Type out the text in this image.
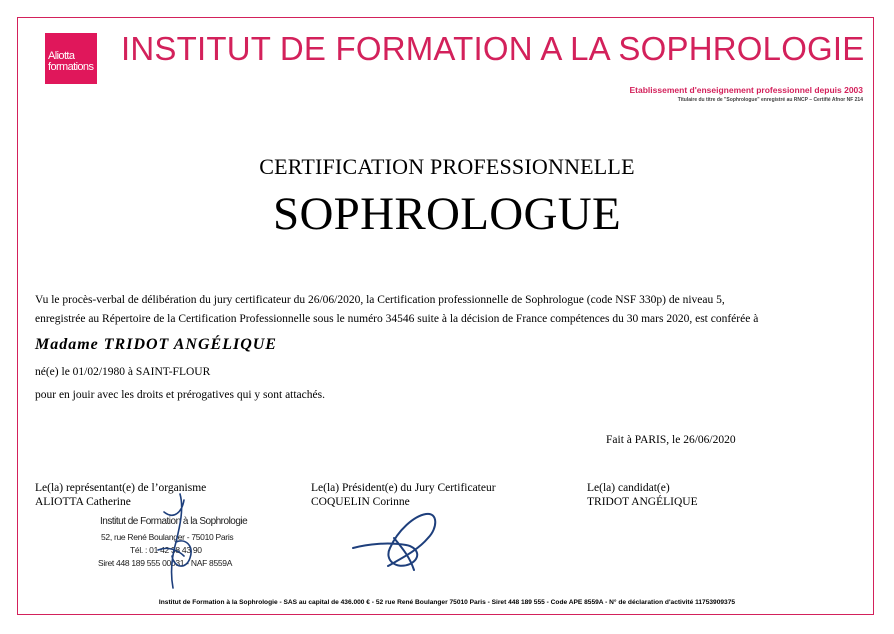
Aliotta
formations INSTITUT DE FORMATION A LA SOPHROLOGIE
Etablissement d'enseignement professionnel depuis 2003
Titulaire du titre de "Sophrologue" enregistré au RNCP – Certifié Afnor NF 214
CERTIFICATION PROFESSIONNELLE
SOPHROLOGUE
Vu le procès-verbal de délibération du jury certificateur du 26/06/2020, la Certification professionnelle de Sophrologue (code NSF 330p) de niveau 5,
enregistrée au Répertoire de la Certification Professionnelle sous le numéro 34546 suite à la décision de France compétences du 30 mars 2020, est conférée à
Madame TRIDOT ANGÉLIQUE
né(e) le 01/02/1980 à SAINT-FLOUR
pour en jouir avec les droits et prérogatives qui y sont attachés.
Fait à PARIS, le 26/06/2020
Le(la) représentant(e) de l’organisme
ALIOTTA Catherine
Le(la) Président(e) du Jury Certificateur
COQUELIN Corinne
Le(la) candidat(e)
TRIDOT ANGÉLIQUE
Institut de Formation à la Sophrologie
52, rue René Boulanger - 75010 Paris
Tél. : 01 42 38 43 90
Siret 448 189 555 00031 - NAF 8559A
Institut de Formation à la Sophrologie - SAS au capital de 436.000 € - 52 rue René Boulanger 75010 Paris - Siret 448 189 555 - Code APE 8559A - N° de déclaration d'activité 11753909375
